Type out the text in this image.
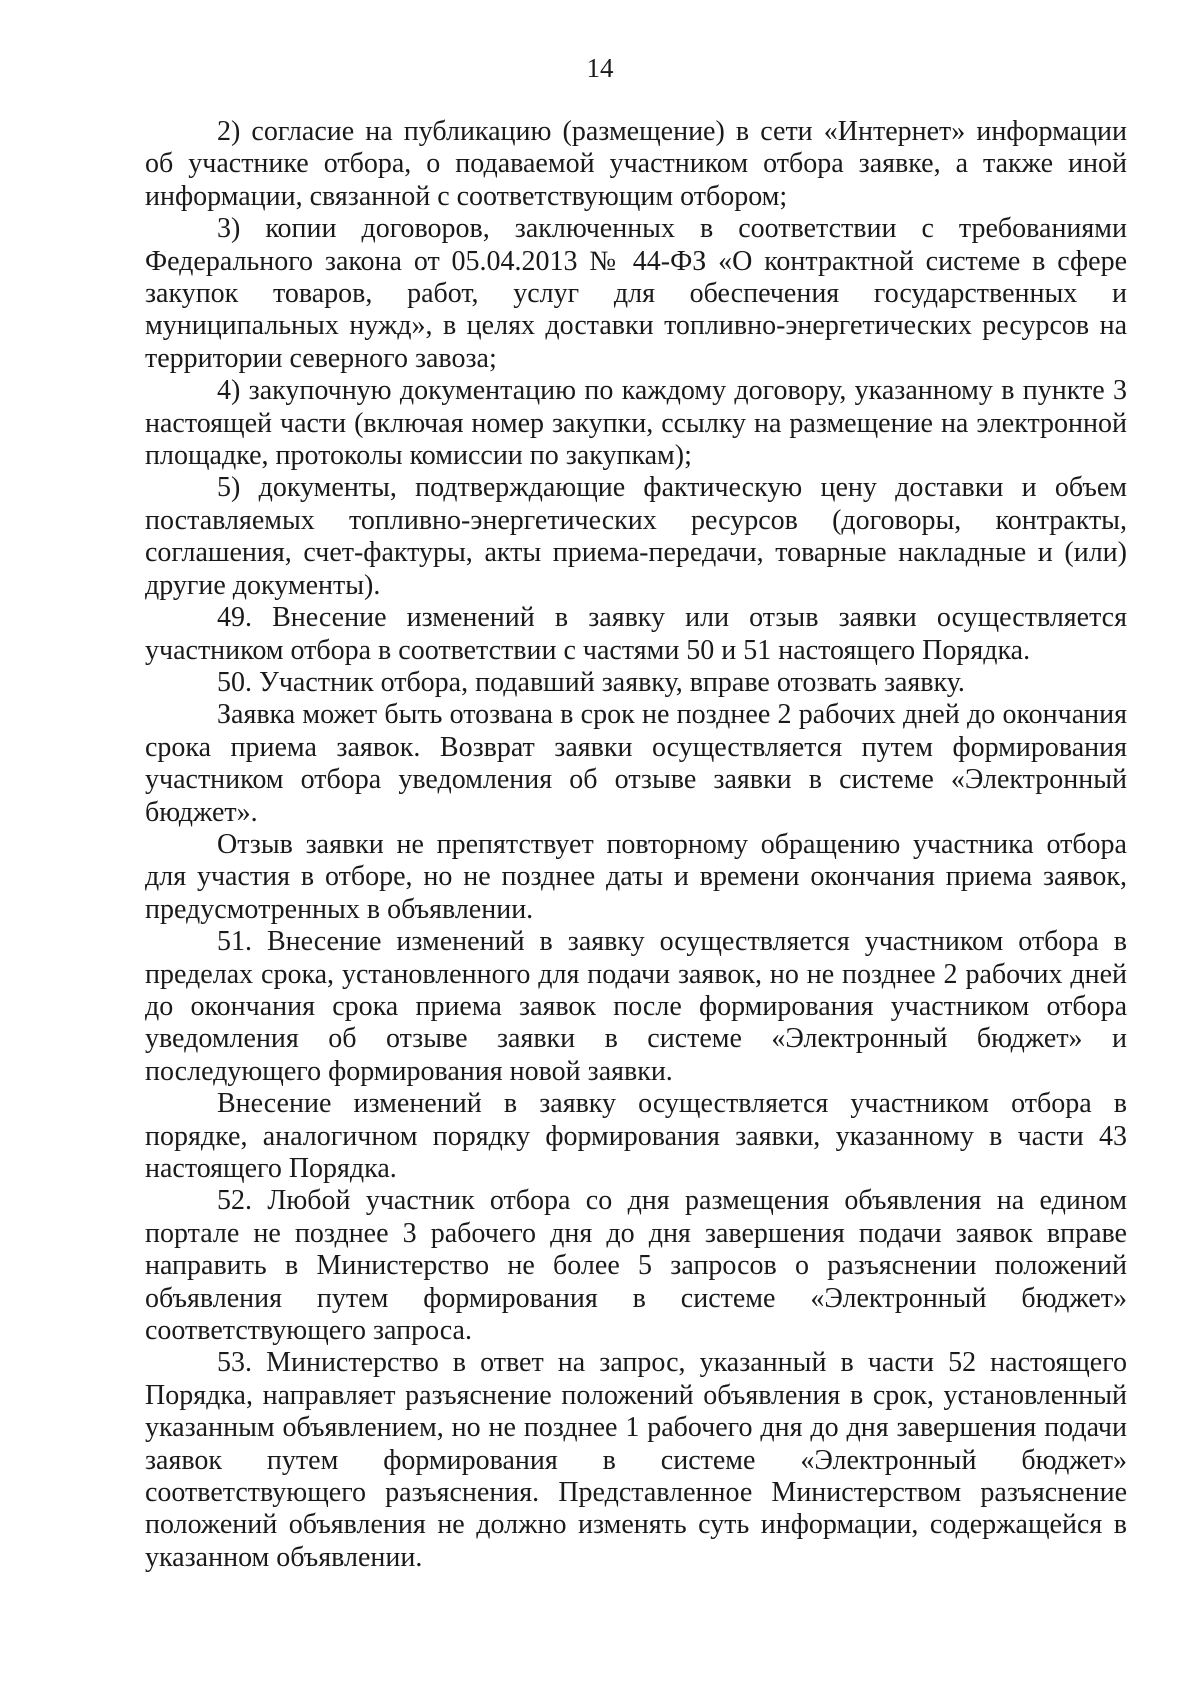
14

2) согласие на публикацию (размещение) в сети «Интернет» информации об участнике отбора, о подаваемой участником отбора заявке, а также иной информации, связанной с соответствующим отбором;

3) копии договоров, заключенных в соответствии с требованиями Федерального закона от 05.04.2013 № 44-ФЗ «О контрактной системе в сфере закупок товаров, работ, услуг для обеспечения государственных и муниципальных нужд», в целях доставки топливно-энергетических ресурсов на территории северного завоза;

4) закупочную документацию по каждому договору, указанному в пункте 3 настоящей части (включая номер закупки, ссылку на размещение на электронной площадке, протоколы комиссии по закупкам);

5) документы, подтверждающие фактическую цену доставки и объем поставляемых топливно-энергетических ресурсов (договоры, контракты, соглашения, счет-фактуры, акты приема-передачи, товарные накладные и (или) другие документы).

49. Внесение изменений в заявку или отзыв заявки осуществляется участником отбора в соответствии с частями 50 и 51 настоящего Порядка.

50. Участник отбора, подавший заявку, вправе отозвать заявку.

Заявка может быть отозвана в срок не позднее 2 рабочих дней до окончания срока приема заявок. Возврат заявки осуществляется путем формирования участником отбора уведомления об отзыве заявки в системе «Электронный бюджет».

Отзыв заявки не препятствует повторному обращению участника отбора для участия в отборе, но не позднее даты и времени окончания приема заявок, предусмотренных в объявлении.

51. Внесение изменений в заявку осуществляется участником отбора в пределах срока, установленного для подачи заявок, но не позднее 2 рабочих дней до окончания срока приема заявок после формирования участником отбора уведомления об отзыве заявки в системе «Электронный бюджет» и последующего формирования новой заявки.

Внесение изменений в заявку осуществляется участником отбора в порядке, аналогичном порядку формирования заявки, указанному в части 43 настоящего Порядка.

52. Любой участник отбора со дня размещения объявления на едином портале не позднее 3 рабочего дня до дня завершения подачи заявок вправе направить в Министерство не более 5 запросов о разъяснении положений объявления путем формирования в системе «Электронный бюджет» соответствующего запроса.

53. Министерство в ответ на запрос, указанный в части 52 настоящего Порядка, направляет разъяснение положений объявления в срок, установленный указанным объявлением, но не позднее 1 рабочего дня до дня завершения подачи заявок путем формирования в системе «Электронный бюджет» соответствующего разъяснения. Представленное Министерством разъяснение положений объявления не должно изменять суть информации, содержащейся в указанном объявлении.
